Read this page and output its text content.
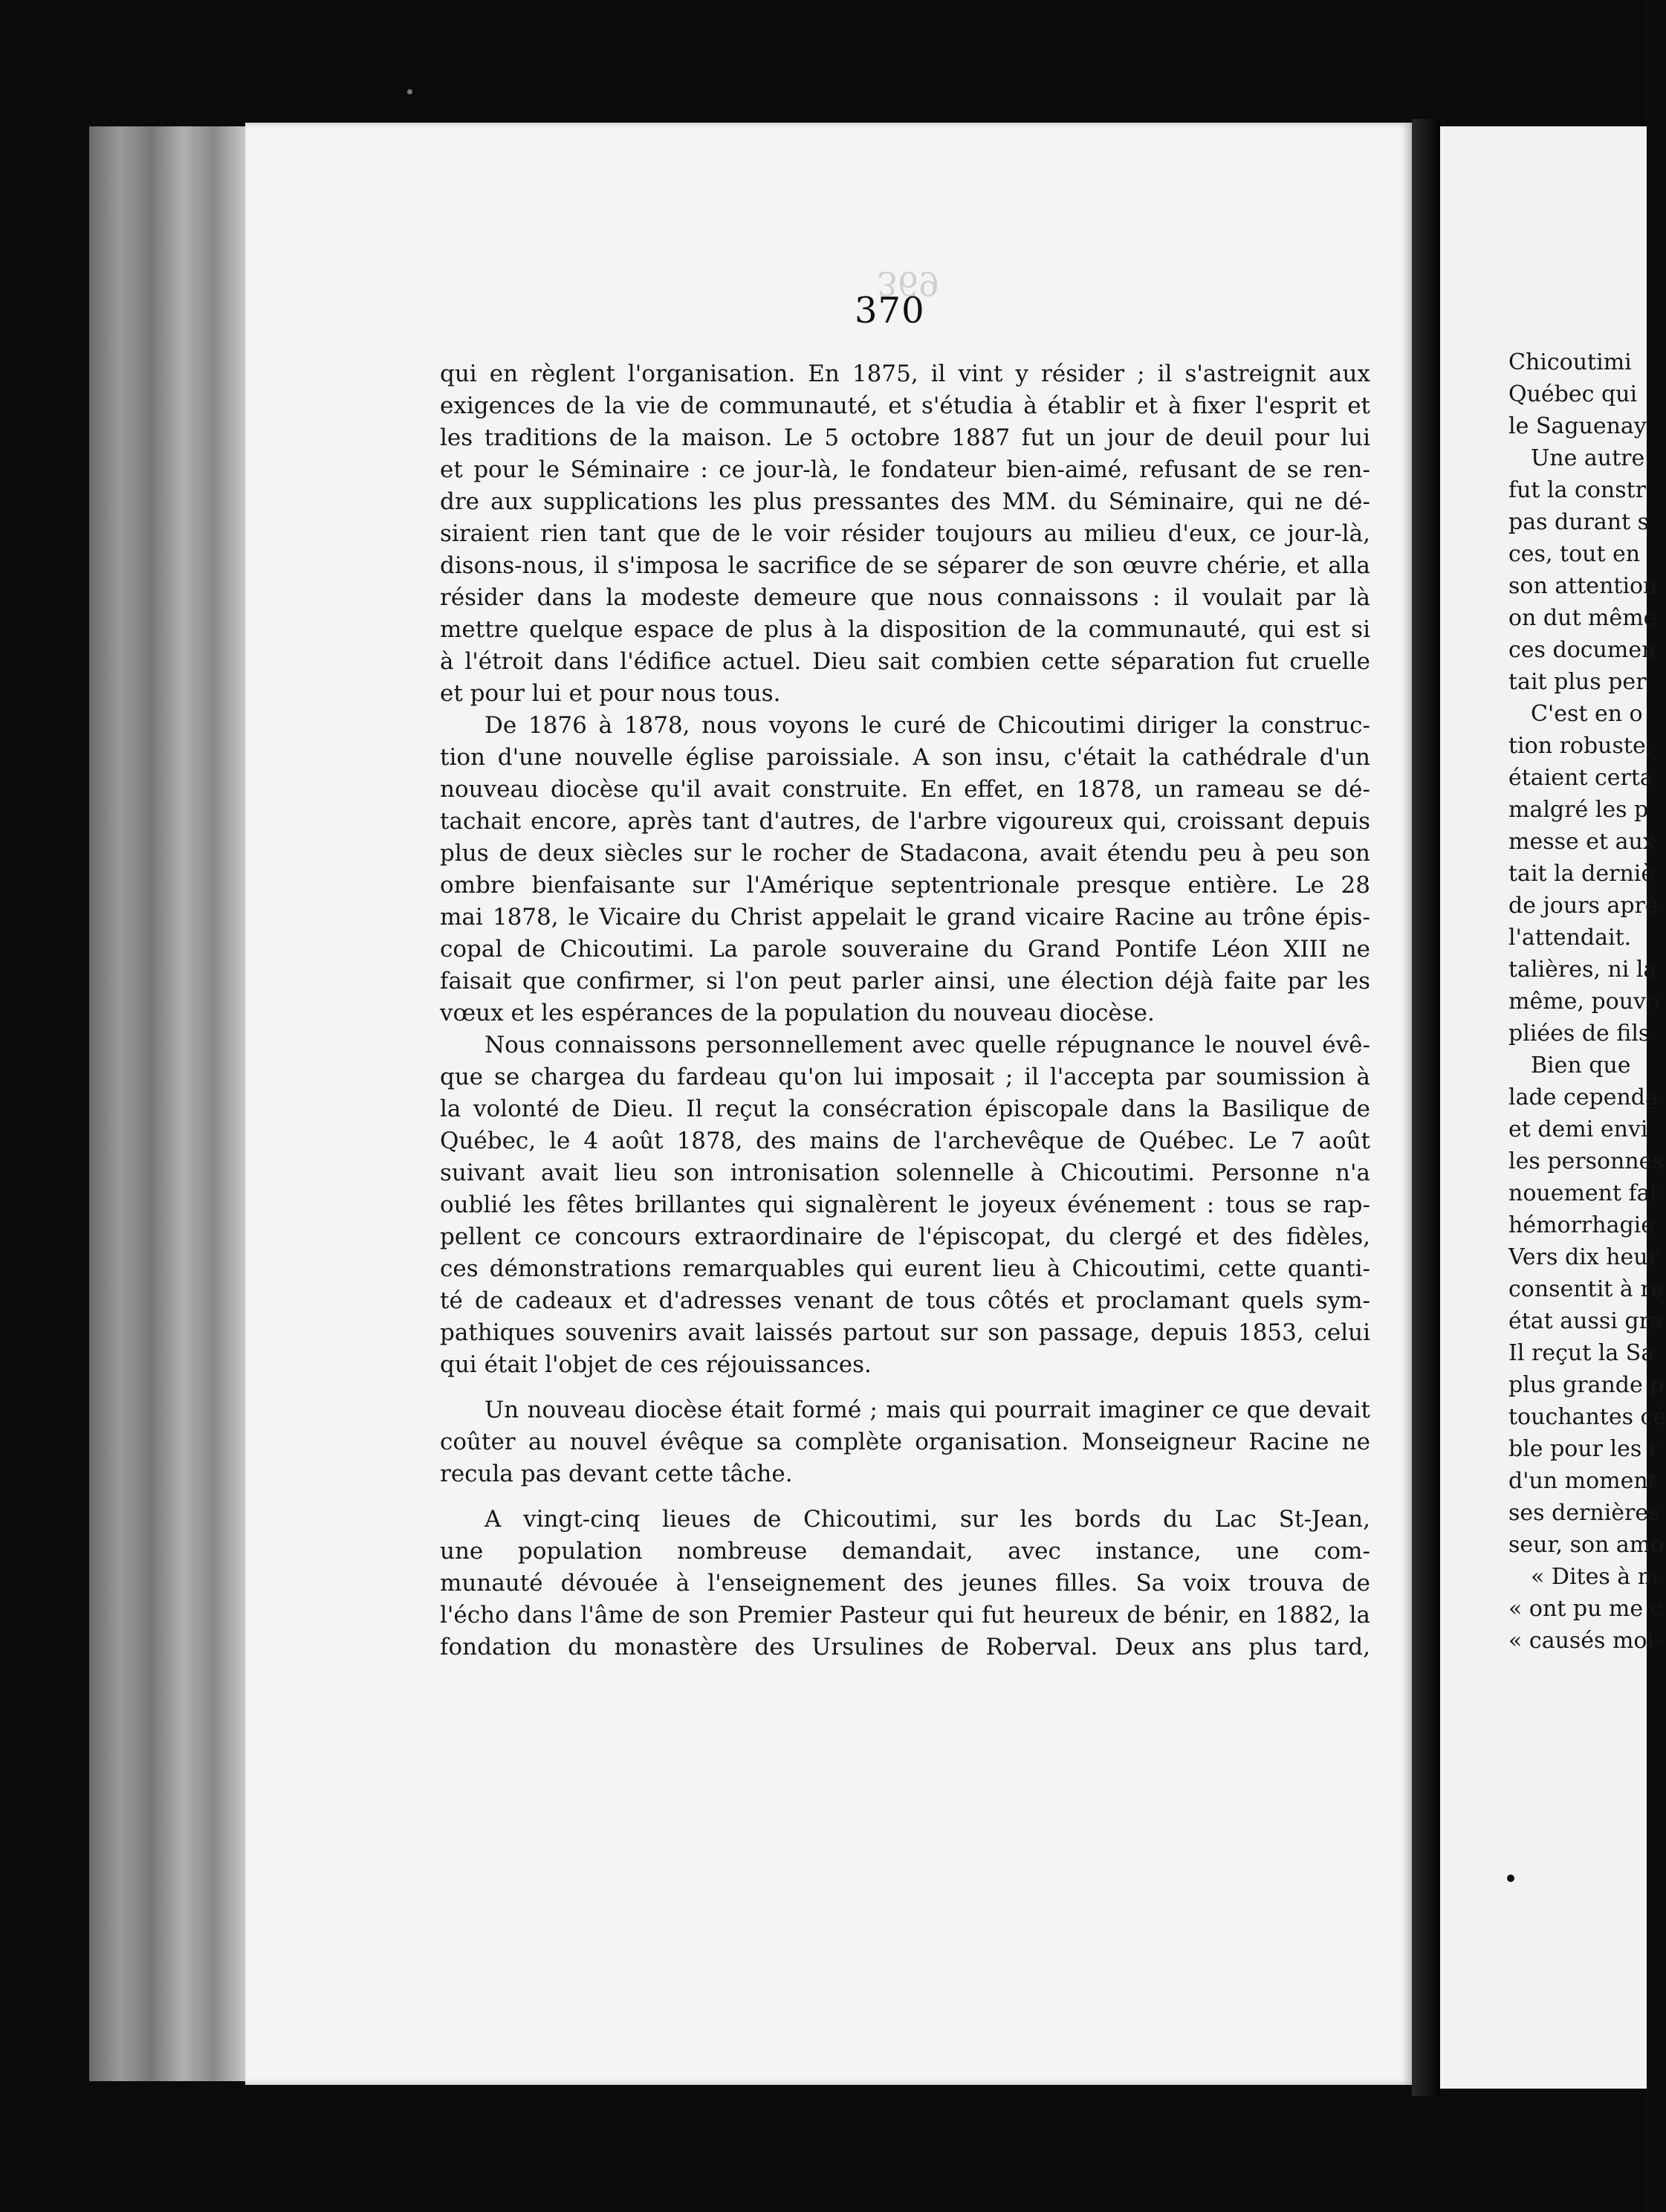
369
370
qui en règlent l'organisation. En 1875, il vint y résider ; il s'astreignit aux
exigences de la vie de communauté, et s'étudia à établir et à fixer l'esprit et
les traditions de la maison. Le 5 octobre 1887 fut un jour de deuil pour lui
et pour le Séminaire : ce jour-là, le fondateur bien-aimé, refusant de se ren-
dre aux supplications les plus pressantes des MM. du Séminaire, qui ne dé-
siraient rien tant que de le voir résider toujours au milieu d'eux, ce jour-là,
disons-nous, il s'imposa le sacrifice de se séparer de son œuvre chérie, et alla
résider dans la modeste demeure que nous connaissons : il voulait par là
mettre quelque espace de plus à la disposition de la communauté, qui est si
à l'étroit dans l'édifice actuel. Dieu sait combien cette séparation fut cruelle
et pour lui et pour nous tous.
De 1876 à 1878, nous voyons le curé de Chicoutimi diriger la construc-
tion d'une nouvelle église paroissiale. A son insu, c'était la cathédrale d'un
nouveau diocèse qu'il avait construite. En effet, en 1878, un rameau se dé-
tachait encore, après tant d'autres, de l'arbre vigoureux qui, croissant depuis
plus de deux siècles sur le rocher de Stadacona, avait étendu peu à peu son
ombre bienfaisante sur l'Amérique septentrionale presque entière. Le 28
mai 1878, le Vicaire du Christ appelait le grand vicaire Racine au trône épis-
copal de Chicoutimi. La parole souveraine du Grand Pontife Léon XIII ne
faisait que confirmer, si l'on peut parler ainsi, une élection déjà faite par les
vœux et les espérances de la population du nouveau diocèse.
Nous connaissons personnellement avec quelle répugnance le nouvel évê-
que se chargea du fardeau qu'on lui imposait ; il l'accepta par soumission à
la volonté de Dieu. Il reçut la consécration épiscopale dans la Basilique de
Québec, le 4 août 1878, des mains de l'archevêque de Québec. Le 7 août
suivant avait lieu son intronisation solennelle à Chicoutimi. Personne n'a
oublié les fêtes brillantes qui signalèrent le joyeux événement : tous se rap-
pellent ce concours extraordinaire de l'épiscopat, du clergé et des fidèles,
ces démonstrations remarquables qui eurent lieu à Chicoutimi, cette quanti-
té de cadeaux et d'adresses venant de tous côtés et proclamant quels sym-
pathiques souvenirs avait laissés partout sur son passage, depuis 1853, celui
qui était l'objet de ces réjouissances.
Un nouveau diocèse était formé ; mais qui pourrait imaginer ce que devait
coûter au nouvel évêque sa complète organisation. Monseigneur Racine ne
recula pas devant cette tâche.
A vingt-cinq lieues de Chicoutimi, sur les bords du Lac St-Jean,
une population nombreuse demandait, avec instance, une com-
munauté dévouée à l'enseignement des jeunes filles. Sa voix trouva de
l'écho dans l'âme de son Premier Pasteur qui fut heureux de bénir, en 1882, la
fondation du monastère des Ursulines de Roberval. Deux ans plus tard,
Chicoutimi
Québec qui
le Saguenay
Une autre
fut la constr
pas durant s
ces, tout en
son attention
on dut même
ces documen
tait plus per
C'est en o
tion robuste,
étaient certa
malgré les p
messe et aux
tait la derniè
de jours aprè
l'attendait.
talières, ni la
même, pouvo
pliées de fils
Bien que
lade cependa
et demi envi
les personnes
nouement fat
hémorrhagie
Vers dix heur
consentit à re
état aussi gra
Il reçut la Sa
plus grande p
touchantes cé
ble pour les r
d'un moment
ses dernières
seur, son amo
« Dites à m
« ont pu me c
« causés moi-
